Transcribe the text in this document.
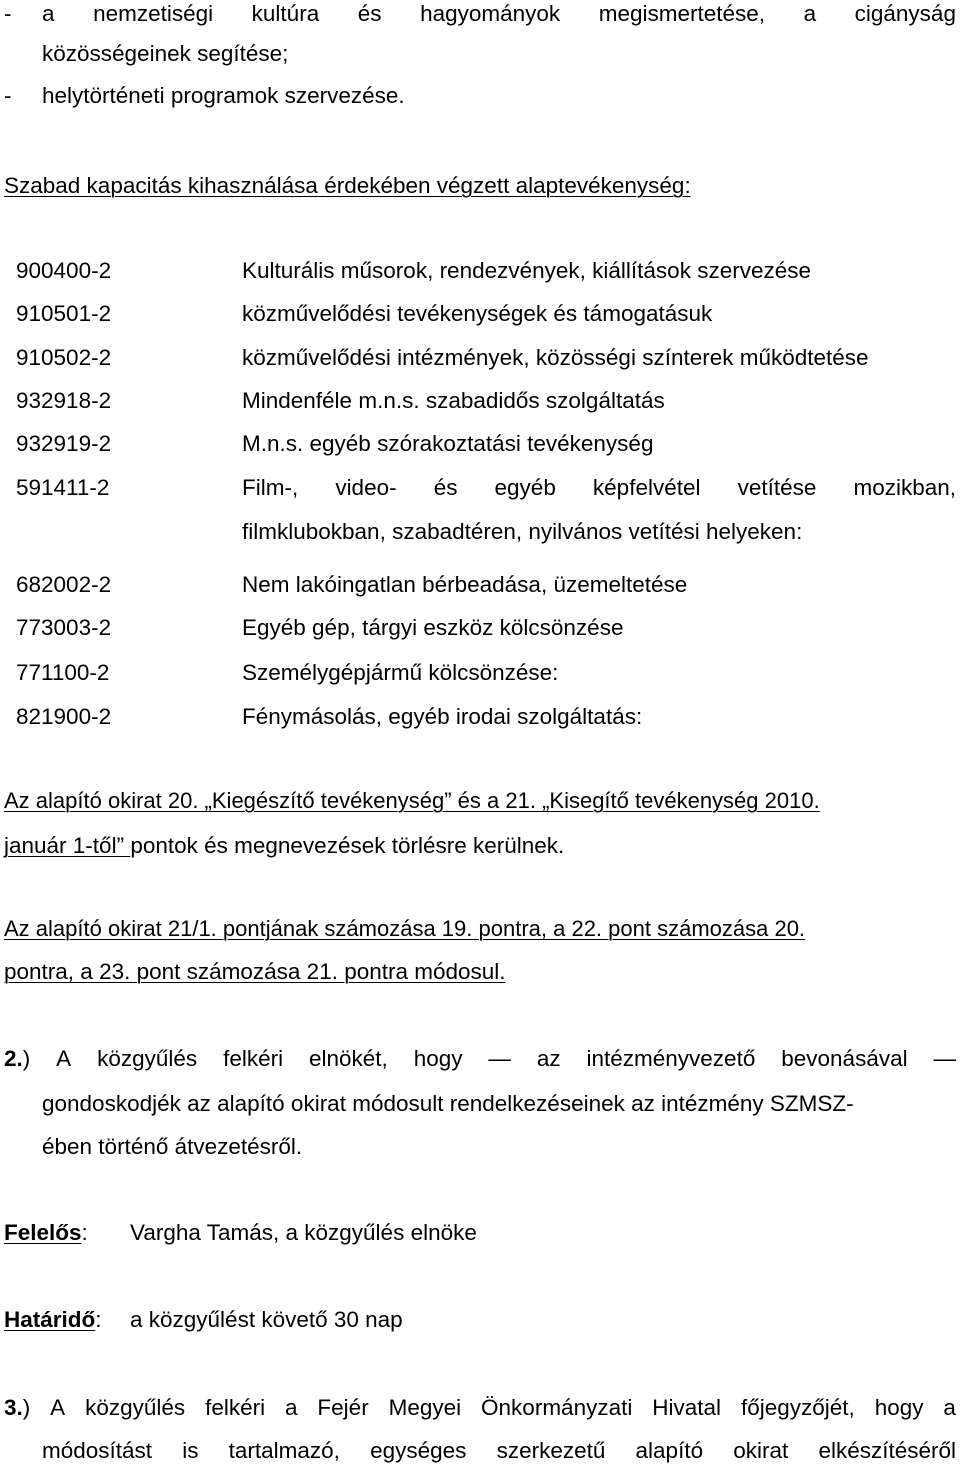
- a nemzetiségi kultúra és hagyományok megismertetése, a cigányság
közösségeinek segítése;
- helytörténeti programok szervezése.
Szabad kapacitás kihasználása érdekében végzett alaptevékenység:
900400-2	Kulturális műsorok, rendezvények, kiállítások szervezése
910501-2	közművelődési tevékenységek és támogatásuk
910502-2	közművelődési intézmények, közösségi színterek működtetése
932918-2	Mindenféle m.n.s. szabadidős szolgáltatás
932919-2	M.n.s. egyéb szórakoztatási tevékenység
591411-2	Film-, video- és egyéb képfelvétel vetítése mozikban,
filmklubokban, szabadtéren, nyilvános vetítési helyeken:
682002-2	Nem lakóingatlan bérbeadása, üzemeltetése
773003-2	Egyéb gép, tárgyi eszköz kölcsönzése
771100-2	Személygépjármű kölcsönzése:
821900-2	Fénymásolás, egyéb irodai szolgáltatás:
Az alapító okirat 20. „Kiegészítő tevékenység” és a 21. „Kisegítő tevékenység 2010.
január 1-től” pontok és megnevezések törlésre kerülnek.
Az alapító okirat 21/1. pontjának számozása 19. pontra, a 22. pont számozása 20.
pontra, a 23. pont számozása 21. pontra módosul.
2.) A közgyűlés felkéri elnökét, hogy — az intézményvezető bevonásával —
gondoskodjék az alapító okirat módosult rendelkezéseinek az intézmény SZMSZ-
ében történő átvezetésről.
Felelős: Vargha Tamás, a közgyűlés elnöke
Határidő: a közgyűlést követő 30 nap
3.) A közgyűlés felkéri a Fejér Megyei Önkormányzati Hivatal főjegyzőjét, hogy a
módosítást is tartalmazó, egységes szerkezetű alapító okirat elkészítéséről
